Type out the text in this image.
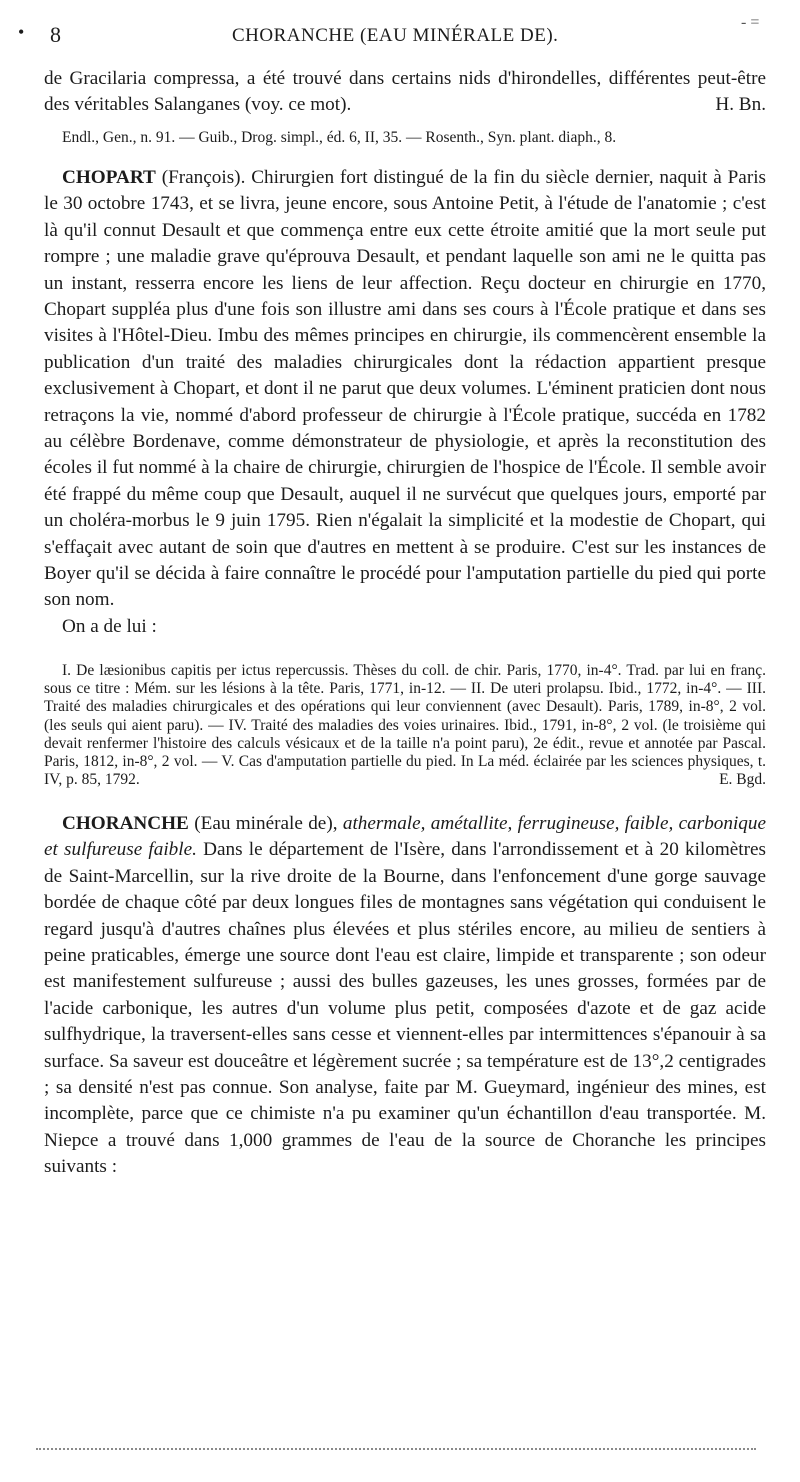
• 8	CHORANCHE (EAU MINÉRALE DE).
- =

de Gracilaria compressa, a été trouvé dans certains nids d'hirondelles, différentes peut-être des véritables Salanganes (voy. ce mot).	H. Bn.

Endl., Gen., n. 91. — Guib., Drog. simpl., éd. 6, II, 35. — Rosenth., Syn. plant. diaph., 8.

CHOPART (François). Chirurgien fort distingué de la fin du siècle dernier, naquit à Paris le 30 octobre 1743, et se livra, jeune encore, sous Antoine Petit, à l'étude de l'anatomie ; c'est là qu'il connut Desault et que commença entre eux cette étroite amitié que la mort seule put rompre ; une maladie grave qu'éprouva Desault, et pendant laquelle son ami ne le quitta pas un instant, resserra encore les liens de leur affection. Reçu docteur en chirurgie en 1770, Chopart suppléa plus d'une fois son illustre ami dans ses cours à l'École pratique et dans ses visites à l'Hôtel-Dieu. Imbu des mêmes principes en chirurgie, ils commencèrent ensemble la publication d'un traité des maladies chirurgicales dont la rédaction appartient presque exclusivement à Chopart, et dont il ne parut que deux volumes. L'éminent praticien dont nous retraçons la vie, nommé d'abord professeur de chirurgie à l'École pratique, succéda en 1782 au célèbre Bordenave, comme démonstrateur de physiologie, et après la reconstitution des écoles il fut nommé à la chaire de chirurgie, chirurgien de l'hospice de l'École. Il semble avoir été frappé du même coup que Desault, auquel il ne survécut que quelques jours, emporté par un choléra-morbus le 9 juin 1795. Rien n'égalait la simplicité et la modestie de Chopart, qui s'effaçait avec autant de soin que d'autres en mettent à se produire. C'est sur les instances de Boyer qu'il se décida à faire connaître le procédé pour l'amputation partielle du pied qui porte son nom.

On a de lui :

I. De læsionibus capitis per ictus repercussis. Thèses du coll. de chir. Paris, 1770, in-4°. Trad. par lui en franç. sous ce titre : Mém. sur les lésions à la tête. Paris, 1771, in-12. — II. De uteri prolapsu. Ibid., 1772, in-4°. — III. Traité des maladies chirurgicales et des opérations qui leur conviennent (avec Desault). Paris, 1789, in-8°, 2 vol. (les seuls qui aient paru). — IV. Traité des maladies des voies urinaires. Ibid., 1791, in-8°, 2 vol. (le troisième qui devait renfermer l'histoire des calculs vésicaux et de la taille n'a point paru), 2e édit., revue et annotée par Pascal. Paris, 1812, in-8°, 2 vol. — V. Cas d'amputation partielle du pied. In La méd. éclairée par les sciences physiques, t. IV, p. 85, 1792.	E. Bgd.

CHORANCHE (Eau minérale de), athermale, amétallite, ferrugineuse, faible, carbonique et sulfureuse faible. Dans le département de l'Isère, dans l'arrondissement et à 20 kilomètres de Saint-Marcellin, sur la rive droite de la Bourne, dans l'enfoncement d'une gorge sauvage bordée de chaque côté par deux longues files de montagnes sans végétation qui conduisent le regard jusqu'à d'autres chaînes plus élevées et plus stériles encore, au milieu de sentiers à peine praticables, émerge une source dont l'eau est claire, limpide et transparente ; son odeur est manifestement sulfureuse ; aussi des bulles gazeuses, les unes grosses, formées par de l'acide carbonique, les autres d'un volume plus petit, composées d'azote et de gaz acide sulfhydrique, la traversent-elles sans cesse et viennent-elles par intermittences s'épanouir à sa surface. Sa saveur est douceâtre et légèrement sucrée ; sa température est de 13°,2 centigrades ; sa densité n'est pas connue. Son analyse, faite par M. Gueymard, ingénieur des mines, est incomplète, parce que ce chimiste n'a pu examiner qu'un échantillon d'eau transportée. M. Niepce a trouvé dans 1,000 grammes de l'eau de la source de Choranche les principes suivants :
